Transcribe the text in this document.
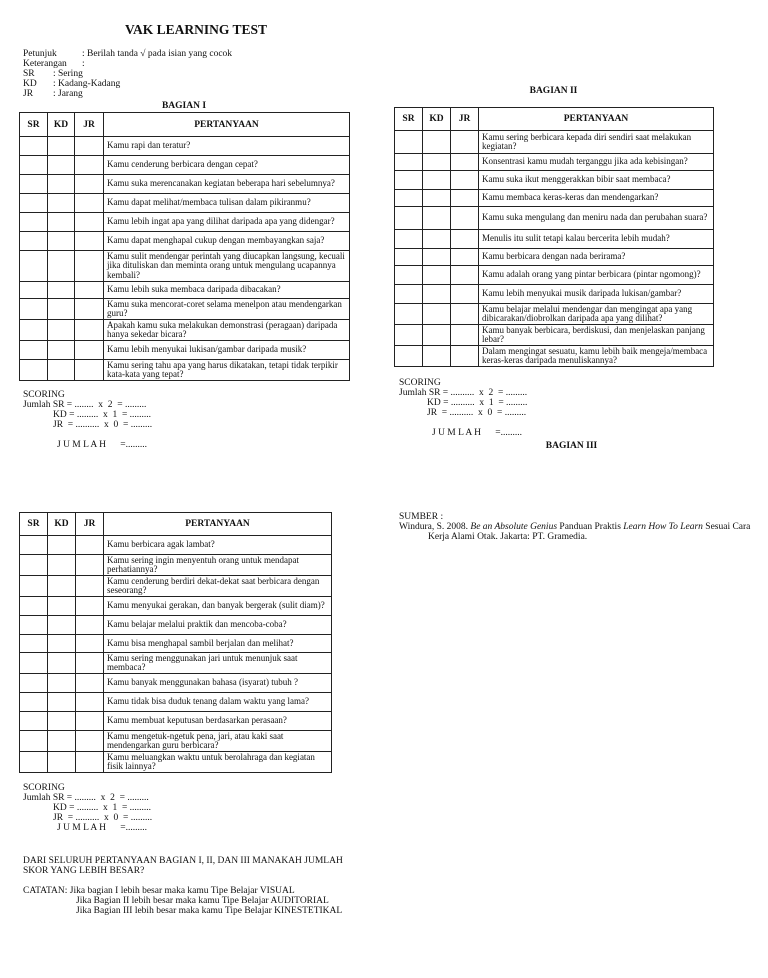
VAK LEARNING TEST
Petunjuk	: Berilah tanda √ pada isian yang cocok
Keterangan :
SR : Sering
KD : Kadang-Kadang
JR : Jarang
BAGIAN I
BAGIAN II
BAGIAN III
SR	KD	JR	PERTANYAAN
			Kamu rapi dan teratur?
			Kamu cenderung berbicara dengan cepat?
			Kamu suka merencanakan kegiatan beberapa hari sebelumnya?
			Kamu dapat melihat/membaca tulisan dalam pikiranmu?
			Kamu lebih ingat apa yang dilihat daripada apa yang didengar?
			Kamu dapat menghapal cukup dengan membayangkan saja?
			Kamu sulit mendengar perintah yang diucapkan langsung, kecuali jika dituliskan dan meminta orang untuk mengulang ucapannya kembali?
			Kamu lebih suka membaca daripada dibacakan?
			Kamu suka mencorat-coret selama menelpon atau mendengarkan guru?
			Apakah kamu suka melakukan demonstrasi (peragaan) daripada hanya sekedar bicara?
			Kamu lebih menyukai lukisan/gambar daripada musik?
			Kamu sering tahu apa yang harus dikatakan, tetapi tidak terpikir kata-kata yang tepat?
SR	KD	JR	PERTANYAAN
			Kamu sering berbicara kepada diri sendiri saat melakukan kegiatan?
			Konsentrasi kamu mudah terganggu jika ada kebisingan?
			Kamu suka ikut menggerakkan bibir saat membaca?
			Kamu membaca keras-keras dan mendengarkan?
			Kamu suka mengulang dan meniru nada dan perubahan suara?
			Menulis itu sulit tetapi kalau bercerita lebih mudah?
			Kamu berbicara dengan nada berirama?
			Kamu adalah orang yang pintar berbicara (pintar ngomong)?
			Kamu lebih menyukai musik daripada lukisan/gambar?
			Kamu belajar melalui mendengar dan mengingat apa yang dibicarakan/diobrolkan daripada apa yang dilihat?
			Kamu banyak berbicara, berdiskusi, dan menjelaskan panjang lebar?
			Dalam mengingat sesuatu, kamu lebih baik mengeja/membaca keras-keras daripada menuliskannya?
SR	KD	JR	PERTANYAAN
			Kamu berbicara agak lambat?
			Kamu sering ingin menyentuh orang untuk mendapat perhatiannya?
			Kamu cenderung berdiri dekat-dekat saat berbicara dengan seseorang?
			Kamu menyukai gerakan, dan banyak bergerak (sulit diam)?
			Kamu belajar melalui praktik dan mencoba-coba?
			Kamu bisa menghapal sambil berjalan dan melihat?
			Kamu sering menggunakan jari untuk menunjuk saat membaca?
			Kamu banyak menggunakan bahasa (isyarat) tubuh ?
			Kamu tidak bisa duduk tenang dalam waktu yang lama?
			Kamu membuat keputusan berdasarkan perasaan?
			Kamu mengetuk-ngetuk pena, jari, atau kaki saat mendengarkan guru berbicara?
			Kamu meluangkan waktu untuk berolahraga dan kegiatan fisik lainnya?
SCORING
Jumlah SR = ........  x  2  = .........
KD = .........  x  1  = .........
JR  = ..........  x  0  = .........
J U M L A H      =.........
SCORING
Jumlah SR = ..........  x  2  = .........
KD = ..........  x  1  = .........
JR  = ..........  x  0  = .........
J U M L A H      =.........
SCORING
Jumlah SR = .........  x  2  = .........
KD = .........  x  1  = .........
JR  = ..........  x  0  = .........
J U M L A H      =.........
SUMBER :
Windura, S. 2008. Be an Absolute Genius Panduan Praktis Learn How To Learn Sesuai Cara
Kerja Alami Otak. Jakarta: PT. Gramedia.
DARI SELURUH PERTANYAAN BAGIAN I, II, DAN III MANAKAH JUMLAH SKOR YANG LEBIH BESAR?
CATATAN: Jika bagian I lebih besar maka kamu Tipe Belajar VISUAL
Jika Bagian II lebih besar maka kamu Tipe Belajar AUDITORIAL
Jika Bagian III lebih besar maka kamu Tipe Belajar KINESTETIKAL
